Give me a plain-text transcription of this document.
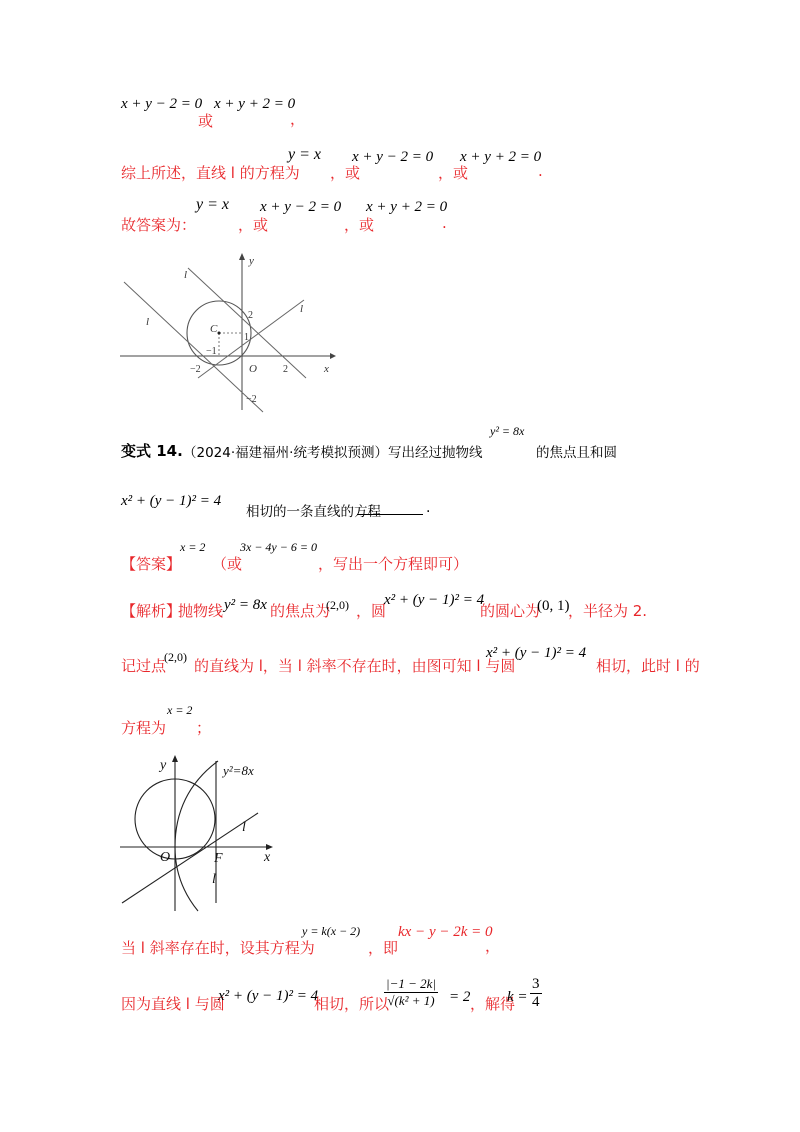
x + y − 2 = 0
或
x + y + 2 = 0
，
综上所述，直线 l 的方程为
y = x
，或
x + y − 2 = 0
，或
x + y + 2 = 0
.
故答案为：
y = x
，或
x + y − 2 = 0
，或
x + y + 2 = 0
.
y
x
O
C
l
l
l
2
1
−1
−2	2
−2
变式 14. （2024·福建福州·统考模拟预测）写出经过抛物线
y² = 8x
的焦点且和圆
x² + (y − 1)² = 4
相切的一条直线的方程	.
【答案】
x = 2
（或
3x − 4y − 6 = 0
，写出一个方程即可）
【解析】
抛物线 y² = 8x 的焦点为
(2,0) ，圆
x² + (y − 1)² = 4
的圆心为
(0, 1)
，半径为 2.
记过点
(2,0) 的直线为 l，当 l 斜率不存在时，由图可知 l 与圆
x² + (y − 1)² = 4
相切，此时 l 的
方程为
x = 2
；
y
x
O	F
y²=8x
l
l
当 l 斜率存在时，设其方程为
y = k(x − 2)
，即
kx − y − 2k = 0
，
因为直线 l 与圆
x² + (y − 1)² = 4
相切，所以
$\frac{|-1 - 2k|}{\text{√(k² + 1)}} = 2$ ，解得
$k = \frac{3}{4}$
